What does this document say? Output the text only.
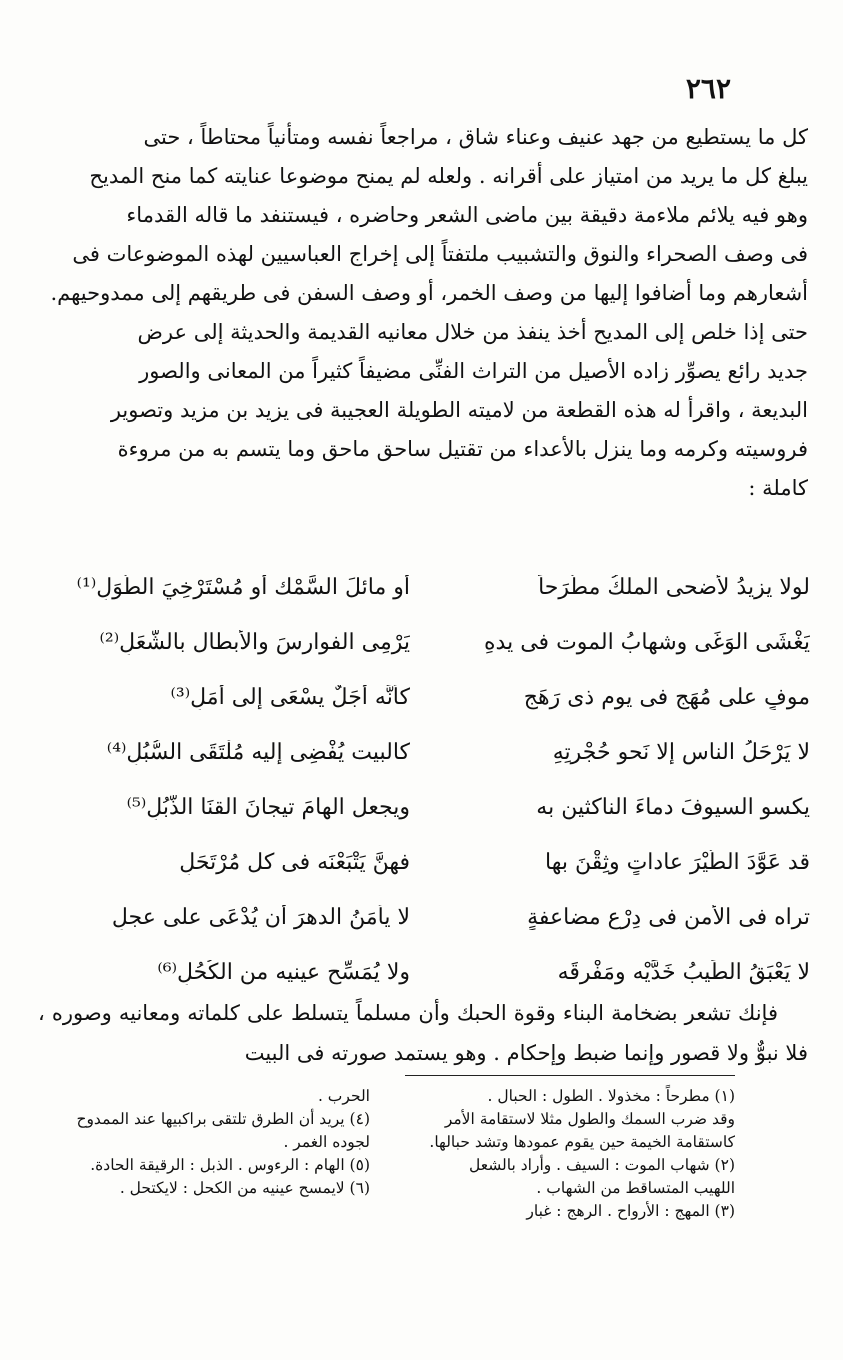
٢٦٢

كل ما يستطيع من جهد عنيف وعناء شاق ، مراجعاً نفسه ومتأنياً محتاطاً ، حتى

يبلغ كل ما يريد من امتياز على أقرانه . ولعله لم يمنح موضوعا عنايته كما منح المديح

وهو فيه يلائم ملاءمة دقيقة بين ماضى الشعر وحاضره ، فيستنفد ما قاله القدماء

فى وصف الصحراء والنوق والتشبيب ملتفتاً إلى إخراج العباسيين لهذه الموضوعات فى

أشعارهم وما أضافوا إليها من وصف الخمر، أو وصف السفن فى طريقهم إلى ممدوحيهم.

حتى إذا خلص إلى المديح أخذ ينفذ من خلال معانيه القديمة والحديثة إلى عرض

جديد رائع يصوِّر زاده الأصيل من التراث الفنِّى مضيفاً كثيراً من المعانى والصور

البديعة ، واقرأ له هذه القطعة من لاميته الطويلة العجيبة فى يزيد بن مزيد وتصوير

فروسيته وكرمه وما ينزل بالأعداء من تقتيل ساحق ماحق وما يتسم به من مروءة

كاملة :

لولا يزيدُ لأضحى الملكُ مطَّرَحاً
أو مائلَ السَّمْك أو مُسْتَرْخِيَ الطُّوَلِ⁽¹⁾
يَغْشَى الوَغَى وشهابُ الموت فى يدهِ
يَرْمِى الفوارسَ والأبطال بالشُّعَلِ⁽²⁾
موفٍ على مُهَجٍ فى يوم ذى رَهَجٍ
كأنَّه أجَلٌ يسْعَى إلى أمَلِ⁽³⁾
لا يَرْحَلُ الناس إلا نَحو حُجْرتِهِ
كالبيت يُفْضِى إليه مُلْتَقَى السُّبُلِ⁽⁴⁾
يكسو السيوفَ دماءَ الناكثين به
ويجعل الهامَ تيجانَ القنَا الذُّبُلِ⁽⁵⁾
قد عَوَّدَ الطَّيْرَ عاداتٍ وثِقْنَ بها
فهنَّ يَتْبَعْنَه فى كل مُرْتَحَلِ
تراه فى الأمن فى دِرْعٍ مضاعفةٍ
لا يأمَنُ الدهرَ أن يُدْعَى على عجلِ
لا يَعْبَقُ الطِّيبُ خَدَّيْه ومَفْرِقَه
ولا يُمَسِّح عينيه من الكُحُلِ⁽⁶⁾

فإنك تشعر بضخامة البناء وقوة الحبك وأن مسلماً يتسلط على كلماته ومعانيه وصوره ، فلا نبوٌّ ولا قصور وإنما ضبط وإحكام . وهو يستمد صورته فى البيت

(١) مطرحاً : مخذولا . الطول : الحبال .
وقد ضرب السمك والطول مثلا لاستقامة الأمر
كاستقامة الخيمة حين يقوم عمودها وتشد حبالها.
(٢) شهاب الموت : السيف . وأراد بالشعل
اللهيب المتساقط من الشهاب .
(٣) المهج : الأرواح . الرهج : غبار
الحرب .
(٤) يريد أن الطرق تلتقى براكبيها عند الممدوح
لجوده الغمر .
(٥) الهام : الرءوس . الذبل : الرقيقة الحادة.
(٦) لايمسح عينيه من الكحل : لايكتحل .
